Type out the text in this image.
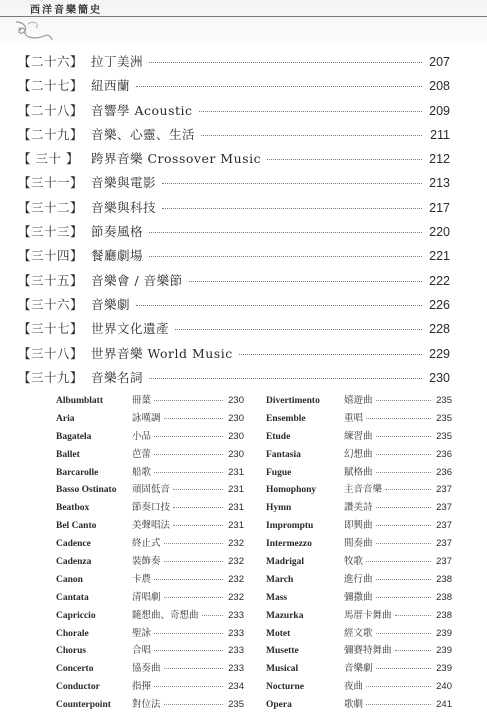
西洋音樂簡史
【二十六】 拉丁美洲	207
【二十七】 紐西蘭	208
【二十八】 音響學 Acoustic	209
【二十九】 音樂、心靈、生活	211
【 三十 】 跨界音樂 Crossover Music	212
【三十一】 音樂與電影	213
【三十二】 音樂與科技	217
【三十三】 節奏風格	220
【三十四】 餐廳劇場	221
【三十五】 音樂會 / 音樂節	222
【三十六】 音樂劇	226
【三十七】 世界文化遺產	228
【三十八】 世界音樂 World Music	229
【三十九】 音樂名詞	230
Albumblatt	冊葉	230
Aria	詠嘆調	230
Bagatela	小品	230
Ballet	芭蕾	230
Barcarolle	船歌	231
Basso Ostinato	頑固低音	231
Beatbox	節奏口技	231
Bel Canto	美聲唱法	231
Cadence	終止式	232
Cadenza	裝飾奏	232
Canon	卡農	232
Cantata	清唱劇	232
Capriccio	隨想曲、奇想曲	233
Chorale	聖詠	233
Chorus	合唱	233
Concerto	協奏曲	233
Conductor	指揮	234
Counterpoint	對位法	235
Divertimento	嬉遊曲	235
Ensemble	重唱	235
Etude	練習曲	235
Fantasia	幻想曲	236
Fugue	賦格曲	236
Homophony	主音音樂	237
Hymn	讚美詩	237
Impromptu	即興曲	237
Intermezzo	間奏曲	237
Madrigal	牧歌	237
March	進行曲	238
Mass	彌撒曲	238
Mazurka	馬厝卡舞曲	238
Motet	經文歌	239
Musette	彌賽特舞曲	239
Musical	音樂劇	239
Nocturne	夜曲	240
Opera	歌劇	241
